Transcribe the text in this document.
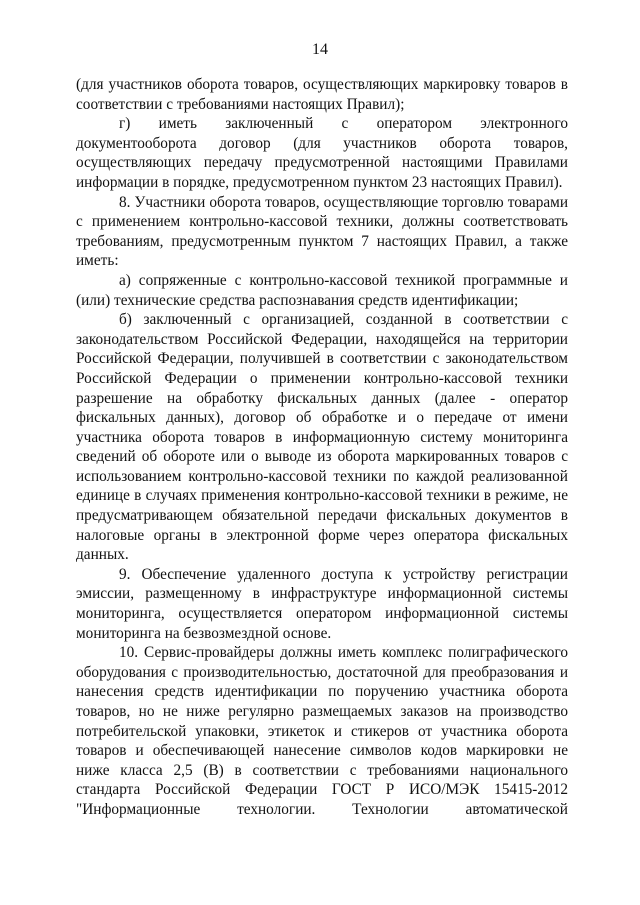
14

(для участников оборота товаров, осуществляющих маркировку товаров в соответствии с требованиями настоящих Правил);

г) иметь заключенный с оператором электронного документооборота договор (для участников оборота товаров, осуществляющих передачу предусмотренной настоящими Правилами информации в порядке, предусмотренном пунктом 23 настоящих Правил).

8. Участники оборота товаров, осуществляющие торговлю товарами с применением контрольно-кассовой техники, должны соответствовать требованиям, предусмотренным пунктом 7 настоящих Правил, а также иметь:

а) сопряженные с контрольно-кассовой техникой программные и (или) технические средства распознавания средств идентификации;

б) заключенный с организацией, созданной в соответствии с законодательством Российской Федерации, находящейся на территории Российской Федерации, получившей в соответствии с законодательством Российской Федерации о применении контрольно-кассовой техники разрешение на обработку фискальных данных (далее - оператор фискальных данных), договор об обработке и о передаче от имени участника оборота товаров в информационную систему мониторинга сведений об обороте или о выводе из оборота маркированных товаров с использованием контрольно-кассовой техники по каждой реализованной единице в случаях применения контрольно-кассовой техники в режиме, не предусматривающем обязательной передачи фискальных документов в налоговые органы в электронной форме через оператора фискальных данных.

9. Обеспечение удаленного доступа к устройству регистрации эмиссии, размещенному в инфраструктуре информационной системы мониторинга, осуществляется оператором информационной системы мониторинга на безвозмездной основе.

10. Сервис-провайдеры должны иметь комплекс полиграфического оборудования с производительностью, достаточной для преобразования и нанесения средств идентификации по поручению участника оборота товаров, но не ниже регулярно размещаемых заказов на производство потребительской упаковки, этикеток и стикеров от участника оборота товаров и обеспечивающей нанесение символов кодов маркировки не ниже класса 2,5 (B) в соответствии с требованиями национального стандарта Российской Федерации ГОСТ Р ИСО/МЭК 15415-2012 "Информационные технологии. Технологии автоматической
